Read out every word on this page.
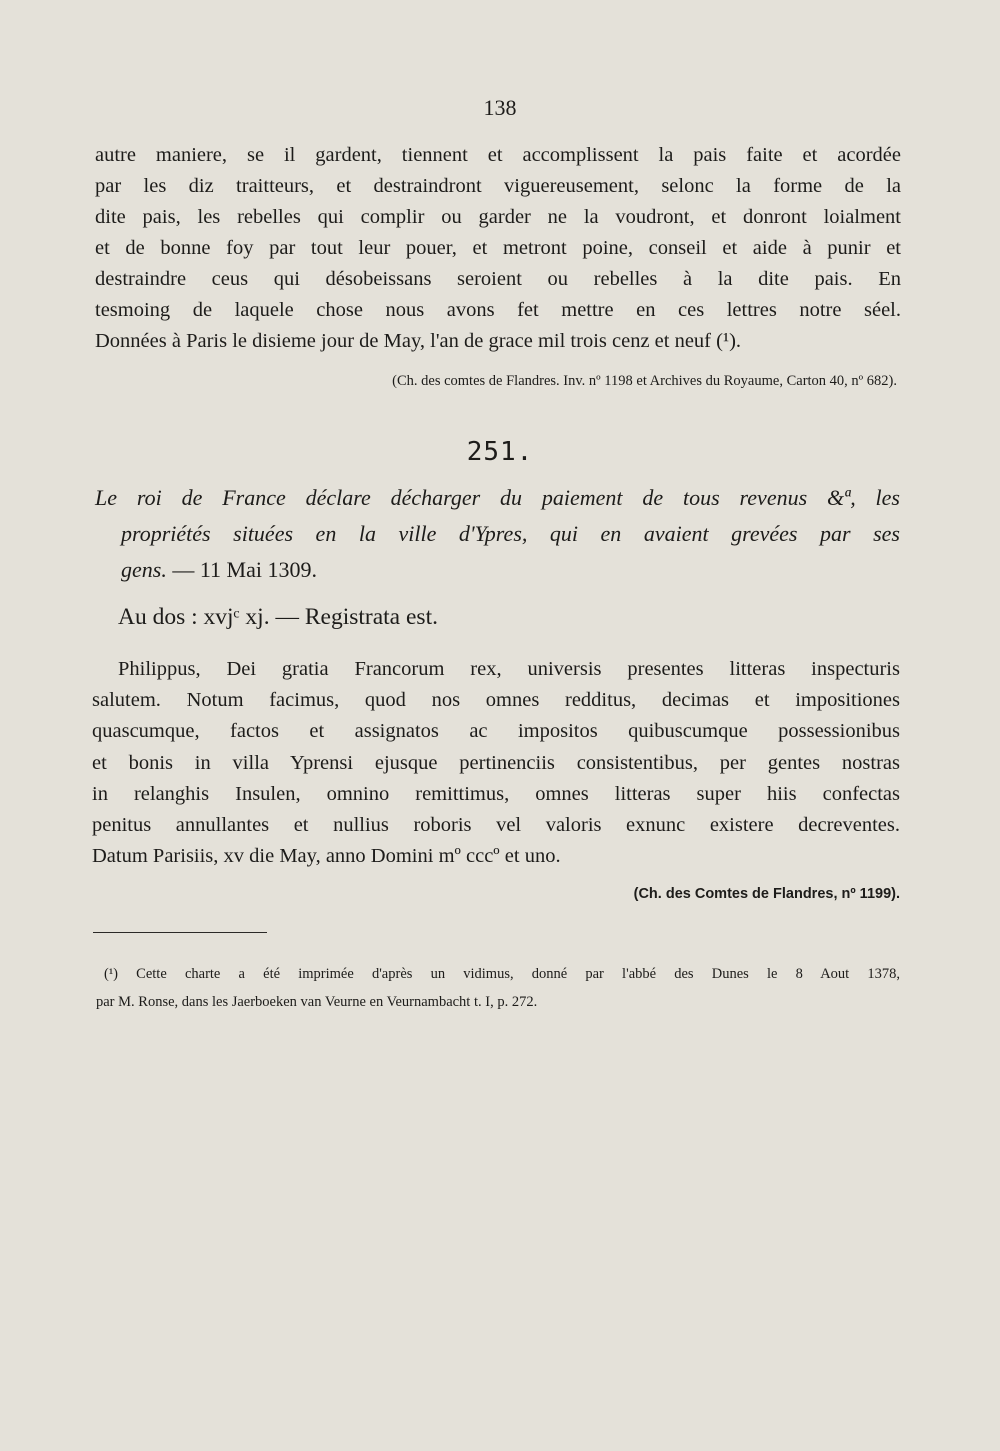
138
autre maniere, se il gardent, tiennent et accomplissent la pais faite et acordée
par les diz traitteurs, et destraindront viguereusement, selonc la forme de la
dite pais, les rebelles qui complir ou garder ne la voudront, et donront loialment
et de bonne foy par tout leur pouer, et metront poine, conseil et aide à punir et
destraindre ceus qui désobeissans seroient ou rebelles à la dite pais. En
tesmoing de laquele chose nous avons fet mettre en ces lettres notre séel.
Données à Paris le disieme jour de May, l'an de grace mil trois cenz et neuf (¹).
(Ch. des comtes de Flandres. Inv. nº 1198 et Archives du Royaume, Carton 40, nº 682).
251.
Le roi de France déclare décharger du paiement de tous revenus &ª, les
propriétés situées en la ville d'Ypres, qui en avaient grevées par ses
gens. — 11 Mai 1309.
Au dos : xvjᶜ xj. — Registrata est.
Philippus, Dei gratia Francorum rex, universis presentes litteras inspecturis
salutem. Notum facimus, quod nos omnes redditus, decimas et impositiones
quascumque, factos et assignatos ac impositos quibuscumque possessionibus
et bonis in villa Yprensi ejusque pertinenciis consistentibus, per gentes nostras
in relanghis Insulen, omnino remittimus, omnes litteras super hiis confectas
penitus annullantes et nullius roboris vel valoris exnunc existere decreventes.
Datum Parisiis, xv die May, anno Domini mº cccº et uno.
(Ch. des Comtes de Flandres, nº 1199).
(¹) Cette charte a été imprimée d'après un vidimus, donné par l'abbé des Dunes le 8 Aout 1378,
par M. Ronse, dans les Jaerboeken van Veurne en Veurnambacht t. I, p. 272.
